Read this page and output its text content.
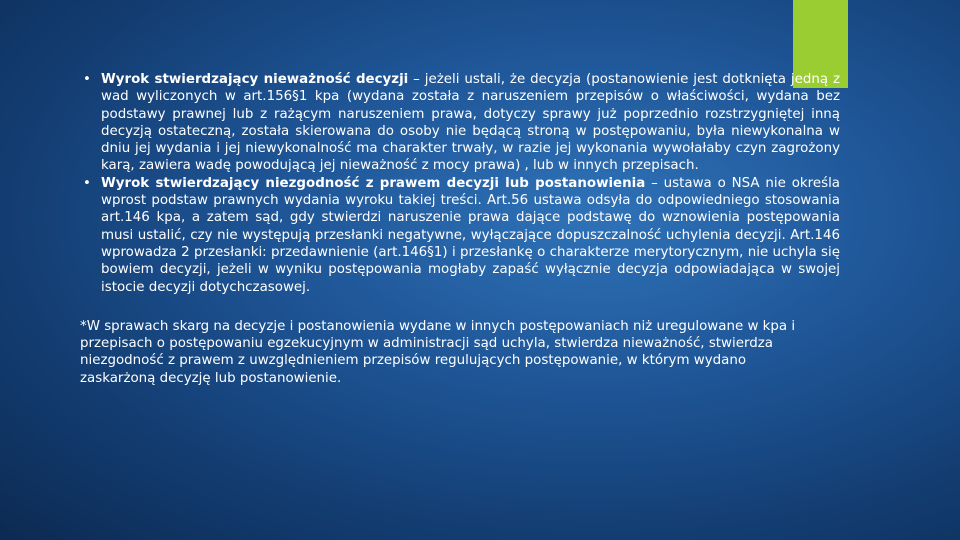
• Wyrok stwierdzający nieważność decyzji – jeżeli ustali, że decyzja (postanowienie jest dotknięta jedną z wad wyliczonych w art.156§1 kpa (wydana została z naruszeniem przepisów o właściwości, wydana bez podstawy prawnej lub z rażącym naruszeniem prawa, dotyczy sprawy już poprzednio rozstrzygniętej inną decyzją ostateczną, została skierowana do osoby nie będącą stroną w postępowaniu, była niewykonalna w dniu jej wydania i jej niewykonalność ma charakter trwały, w razie jej wykonania wywołałaby czyn zagrożony karą, zawiera wadę powodującą jej nieważność z mocy prawa) , lub w innych przepisach.
• Wyrok stwierdzający niezgodność z prawem decyzji lub postanowienia – ustawa o NSA nie określa wprost podstaw prawnych wydania wyroku takiej treści. Art.56 ustawa odsyła do odpowiedniego stosowania art.146 kpa, a zatem sąd, gdy stwierdzi naruszenie prawa dające podstawę do wznowienia postępowania musi ustalić, czy nie występują przesłanki negatywne, wyłączające dopuszczalność uchylenia decyzji. Art.146 wprowadza 2 przesłanki: przedawnienie (art.146§1) i przesłankę o charakterze merytorycznym, nie uchyla się bowiem decyzji, jeżeli w wyniku postępowania mogłaby zapaść wyłącznie decyzja odpowiadająca w swojej istocie decyzji dotychczasowej.

*W sprawach skarg na decyzje i postanowienia wydane w innych postępowaniach niż uregulowane w kpa i przepisach o postępowaniu egzekucyjnym w administracji sąd uchyla, stwierdza nieważność, stwierdza niezgodność z prawem z uwzględnieniem przepisów regulujących postępowanie, w którym wydano zaskarżoną decyzję lub postanowienie.
